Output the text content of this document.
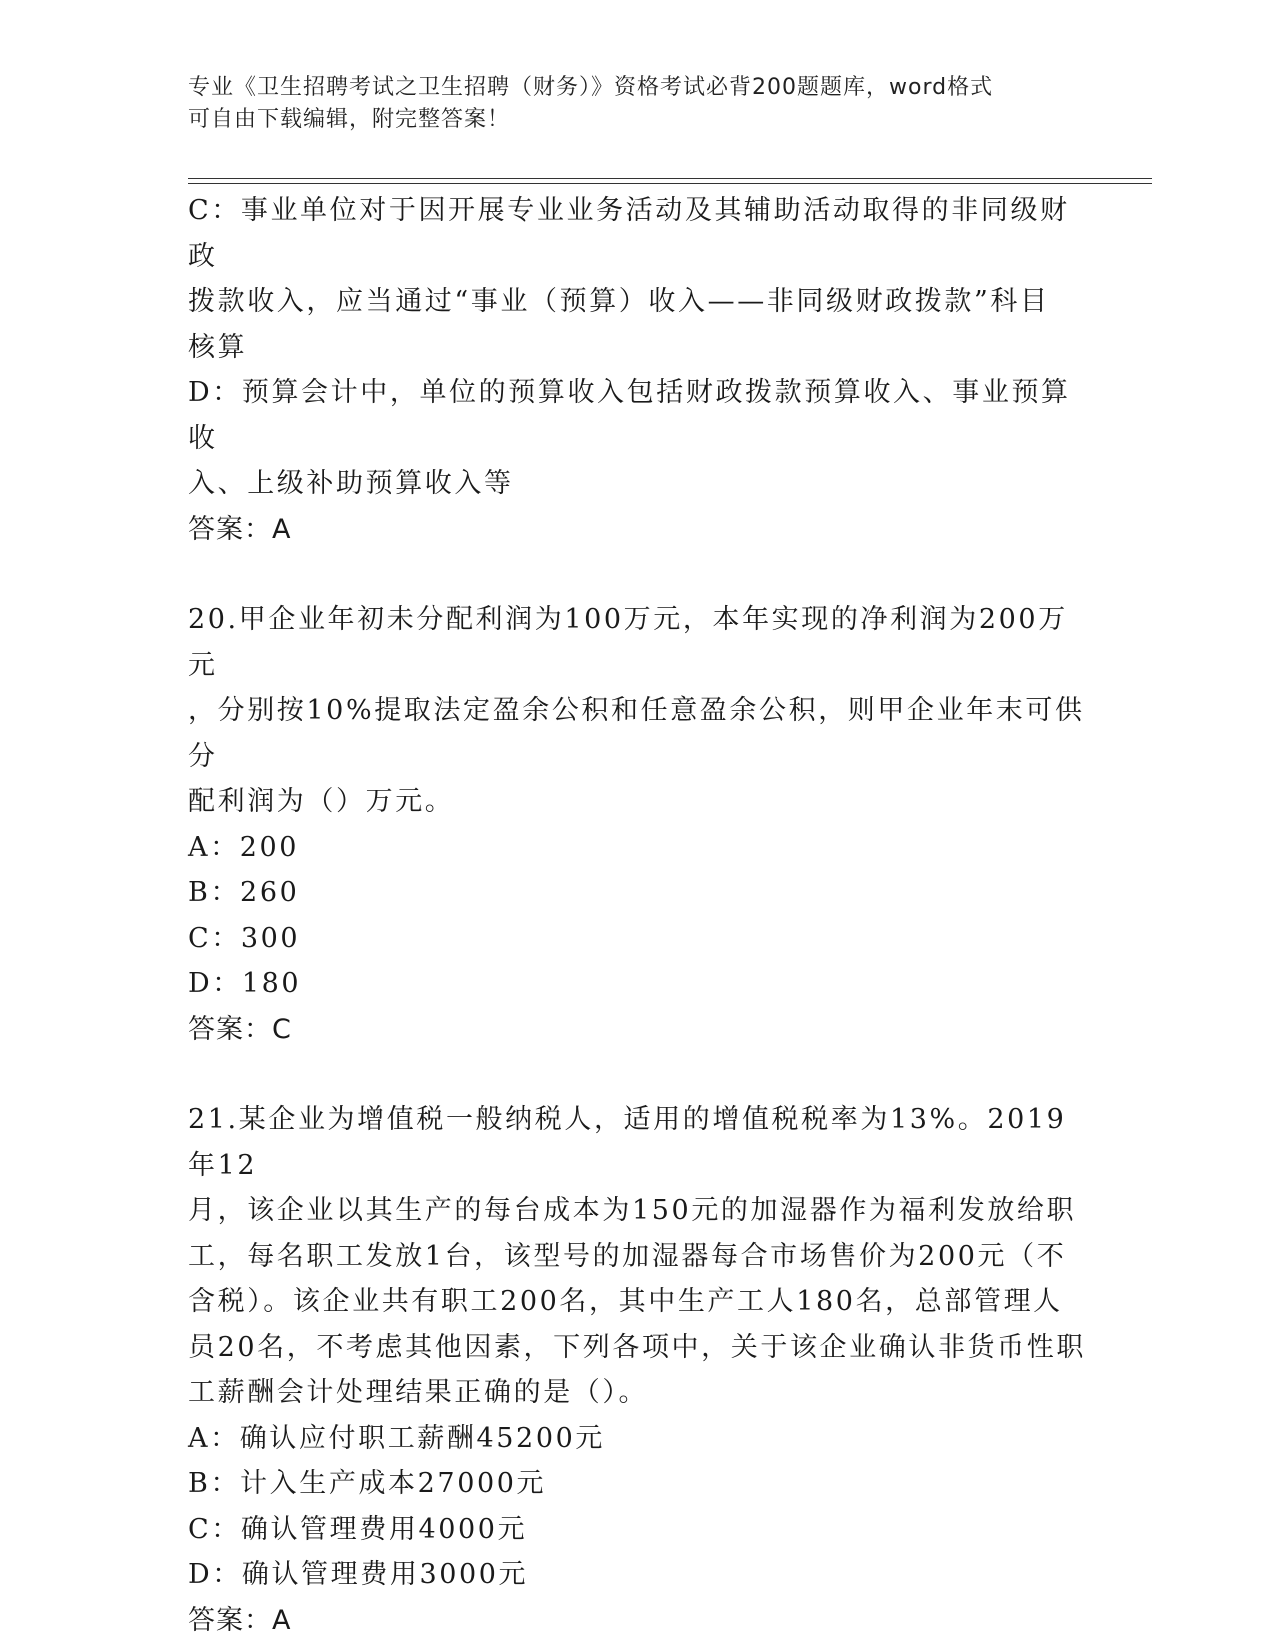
专业《卫生招聘考试之卫生招聘（财务）》资格考试必背200题题库，word格式
可自由下载编辑，附完整答案！

C：事业单位对于因开展专业业务活动及其辅助活动取得的非同级财政

拨款收入，应当通过“事业（预算）收入——非同级财政拨款”科目

核算

D：预算会计中，单位的预算收入包括财政拨款预算收入、事业预算收

入、上级补助预算收入等

答案：A

20.甲企业年初未分配利润为100万元，本年实现的净利润为200万元

，分别按10%提取法定盈余公积和任意盈余公积，则甲企业年末可供分

配利润为（）万元。

A：200

B：260

C：300

D：180

答案：C

21.某企业为增值税一般纳税人，适用的增值税税率为13%。2019年12

月，该企业以其生产的每台成本为150元的加湿器作为福利发放给职

工，每名职工发放1台，该型号的加湿器每合市场售价为200元（不

含税）。该企业共有职工200名，其中生产工人180名，总部管理人

员20名，不考虑其他因素，下列各项中，关于该企业确认非货币性职

工薪酬会计处理结果正确的是（）。

A：确认应付职工薪酬45200元

B：计入生产成本27000元

C：确认管理费用4000元

D：确认管理费用3000元

答案：A
